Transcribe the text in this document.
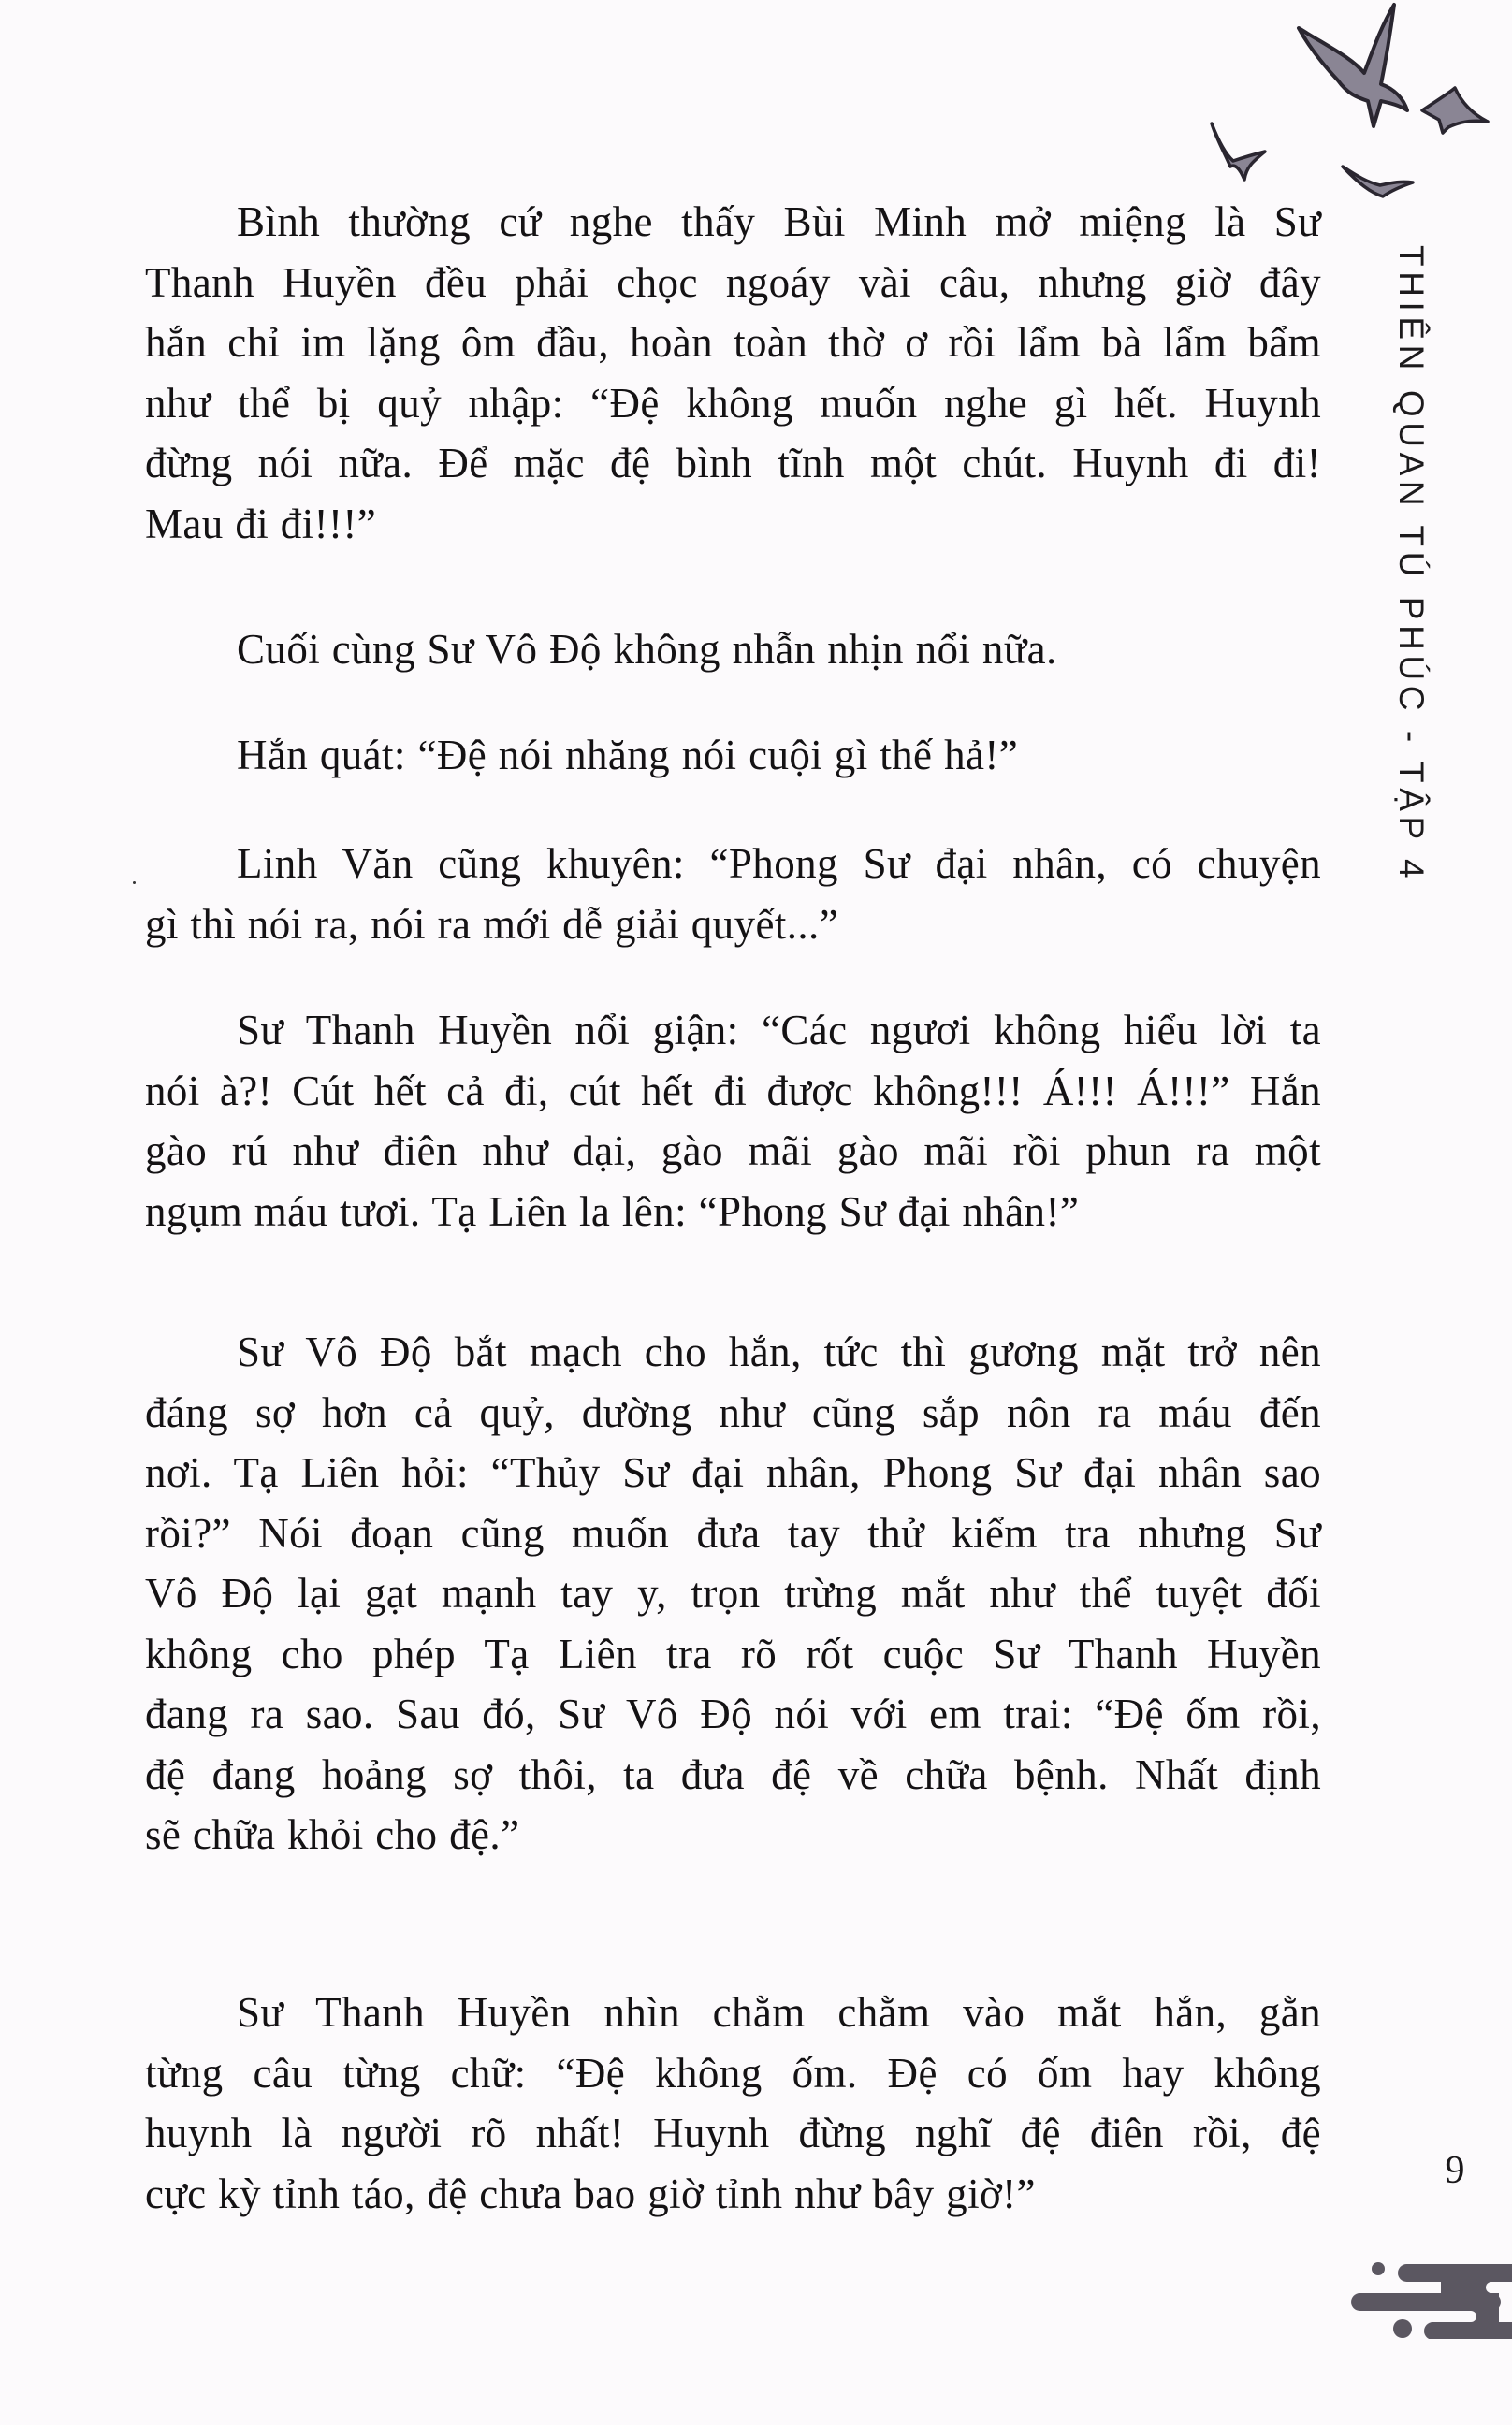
THIÊN QUAN TÚ PHÚC - TẬP 4
Bình thường cứ nghe thấy Bùi Minh mở miệng là Sư
Thanh Huyền đều phải chọc ngoáy vài câu, nhưng giờ đây
hắn chỉ im lặng ôm đầu, hoàn toàn thờ ơ rồi lẩm bà lẩm bẩm
như thể bị quỷ nhập: “Đệ không muốn nghe gì hết. Huynh
đừng nói nữa. Để mặc đệ bình tĩnh một chút. Huynh đi đi!
Mau đi đi!!!”
Cuối cùng Sư Vô Độ không nhẫn nhịn nổi nữa.
Hắn quát: “Đệ nói nhăng nói cuội gì thế hả!”
Linh Văn cũng khuyên: “Phong Sư đại nhân, có chuyện
gì thì nói ra, nói ra mới dễ giải quyết...”
Sư Thanh Huyền nổi giận: “Các ngươi không hiểu lời ta
nói à?! Cút hết cả đi, cút hết đi được không!!! Á!!! Á!!!” Hắn
gào rú như điên như dại, gào mãi gào mãi rồi phun ra một
ngụm máu tươi. Tạ Liên la lên: “Phong Sư đại nhân!”
Sư Vô Độ bắt mạch cho hắn, tức thì gương mặt trở nên
đáng sợ hơn cả quỷ, dường như cũng sắp nôn ra máu đến
nơi. Tạ Liên hỏi: “Thủy Sư đại nhân, Phong Sư đại nhân sao
rồi?” Nói đoạn cũng muốn đưa tay thử kiểm tra nhưng Sư
Vô Độ lại gạt mạnh tay y, trọn trừng mắt như thể tuyệt đối
không cho phép Tạ Liên tra rõ rốt cuộc Sư Thanh Huyền
đang ra sao. Sau đó, Sư Vô Độ nói với em trai: “Đệ ốm rồi,
đệ đang hoảng sợ thôi, ta đưa đệ về chữa bệnh. Nhất định
sẽ chữa khỏi cho đệ.”
Sư Thanh Huyền nhìn chằm chằm vào mắt hắn, gằn
từng câu từng chữ: “Đệ không ốm. Đệ có ốm hay không
huynh là người rõ nhất! Huynh đừng nghĩ đệ điên rồi, đệ
cực kỳ tỉnh táo, đệ chưa bao giờ tỉnh như bây giờ!”	9
